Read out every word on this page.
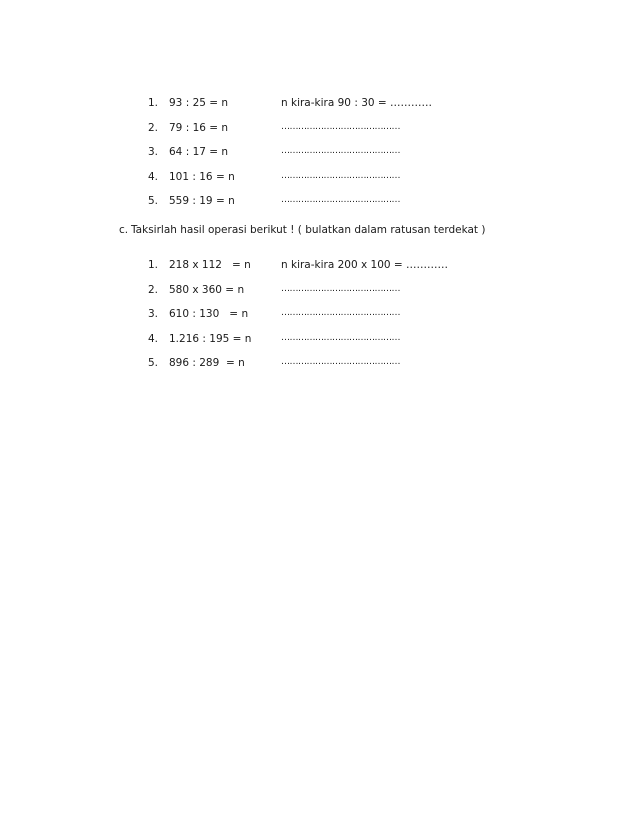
1. 93 : 25 = n	n kira-kira 90 : 30 = …………
2. 79 : 16 = n	……………………………………
3. 64 : 17 = n	……………………………………
4. 101 : 16 = n	……………………………………
5. 559 : 19 = n	……………………………………
c. Taksirlah hasil operasi berikut ! ( bulatkan dalam ratusan terdekat )
1. 218 x 112   = n	n kira-kira 200 x 100 = …………
2. 580 x 360 = n	……………………………………
3. 610 : 130   = n	……………………………………
4. 1.216 : 195 = n	……………………………………
5. 896 : 289  = n	……………………………………
